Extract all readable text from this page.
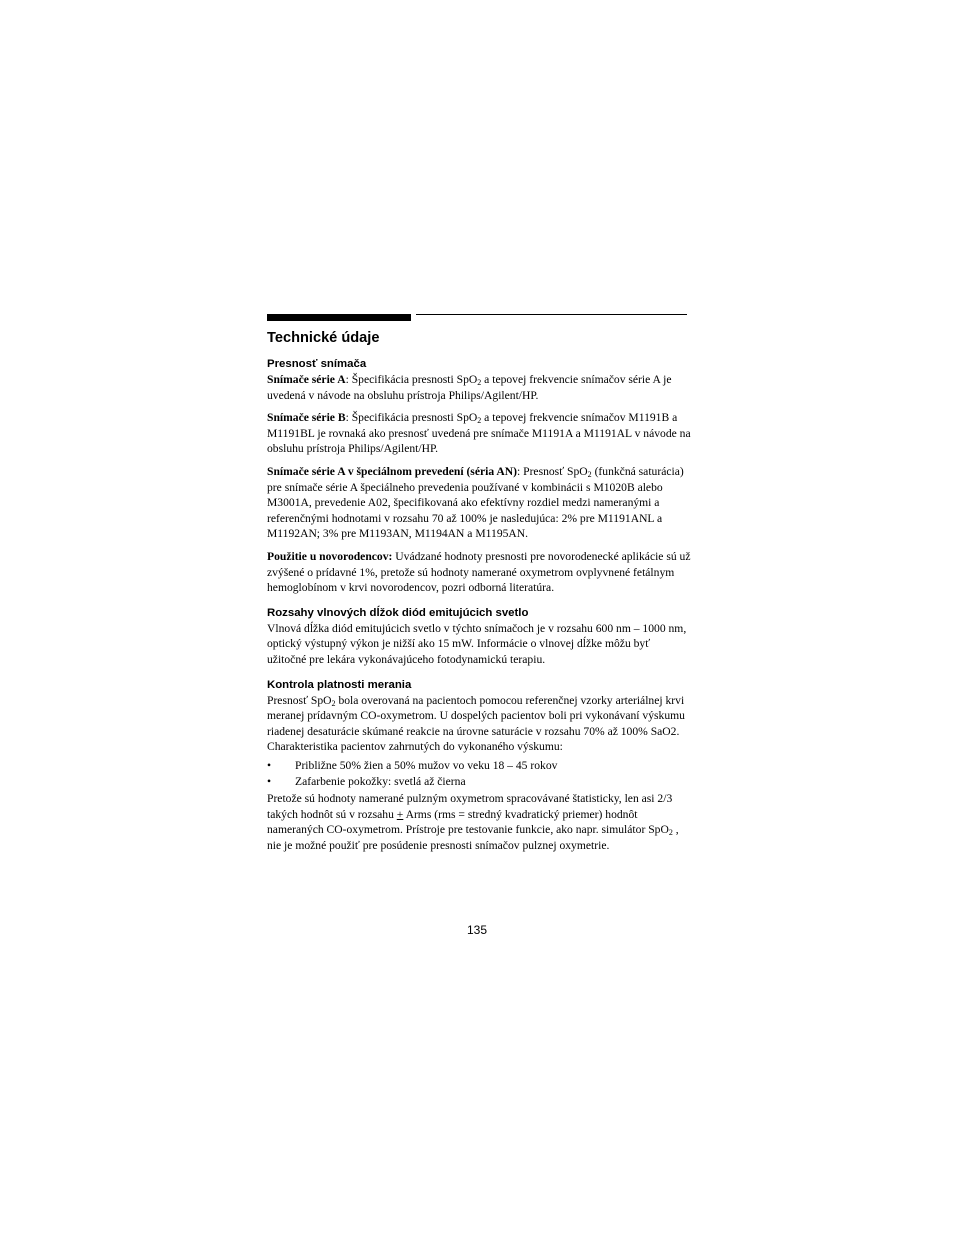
Technické údaje
Presnosť snímača

Snímače série A: Špecifikácia presnosti SpO$_2$ a tepovej frekvencie snímačov série A je uvedená v návode na obsluhu prístroja Philips/Agilent/HP.

Snímače série B: Špecifikácia presnosti SpO$_2$ a tepovej frekvencie snímačov M1191B a M1191BL je rovnaká ako presnosť uvedená pre snímače M1191A a M1191AL v návode na obsluhu prístroja Philips/Agilent/HP.

Snímače série A v špeciálnom prevedení (séria AN): Presnosť SpO$_2$ (funkčná saturácia) pre snímače série A špeciálneho prevedenia používané v kombinácii s M1020B alebo M3001A, prevedenie A02, špecifikovaná ako efektívny rozdiel medzi nameranými a referenčnými hodnotami v rozsahu 70 až 100% je nasledujúca: 2% pre M1191ANL a M1192AN; 3% pre M1193AN, M1194AN a M1195AN.

Použitie u novorodencov: Uvádzané hodnoty presnosti pre novorodenecké aplikácie sú už zvýšené o prídavné 1%, pretože sú hodnoty namerané oxymetrom ovplyvnené fetálnym hemoglobínom v krvi novorodencov, pozri odborná literatúra.

Rozsahy vlnových dĺžok diód emitujúcich svetlo

Vlnová dĺžka diód emitujúcich svetlo v týchto snímačoch je v rozsahu 600 nm – 1000 nm, optický výstupný výkon je nižší ako 15 mW. Informácie o vlnovej dĺžke môžu byť užitočné pre lekára vykonávajúceho fotodynamickú terapiu.

Kontrola platnosti merania

Presnosť SpO$_2$ bola overovaná na pacientoch pomocou referenčnej vzorky arteriálnej krvi meranej prídavným CO-oxymetrom. U dospelých pacientov boli pri vykonávaní výskumu riadenej desaturácie skúmané reakcie na úrovne saturácie v rozsahu 70% až 100% SaO2. Charakteristika pacientov zahrnutých do vykonaného výskumu:

• Približne 50% žien a 50% mužov vo veku 18 – 45 rokov
• Zafarbenie pokožky: svetlá až čierna

Pretože sú hodnoty namerané pulzným oxymetrom spracovávané štatisticky, len asi 2/3 takých hodnôt sú v rozsahu + Arms (rms = stredný kvadratický priemer) hodnôt nameraných CO-oxymetrom. Prístroje pre testovanie funkcie, ako napr. simulátor SpO$_2$ , nie je možné použiť pre posúdenie presnosti snímačov pulznej oxymetrie.

135
